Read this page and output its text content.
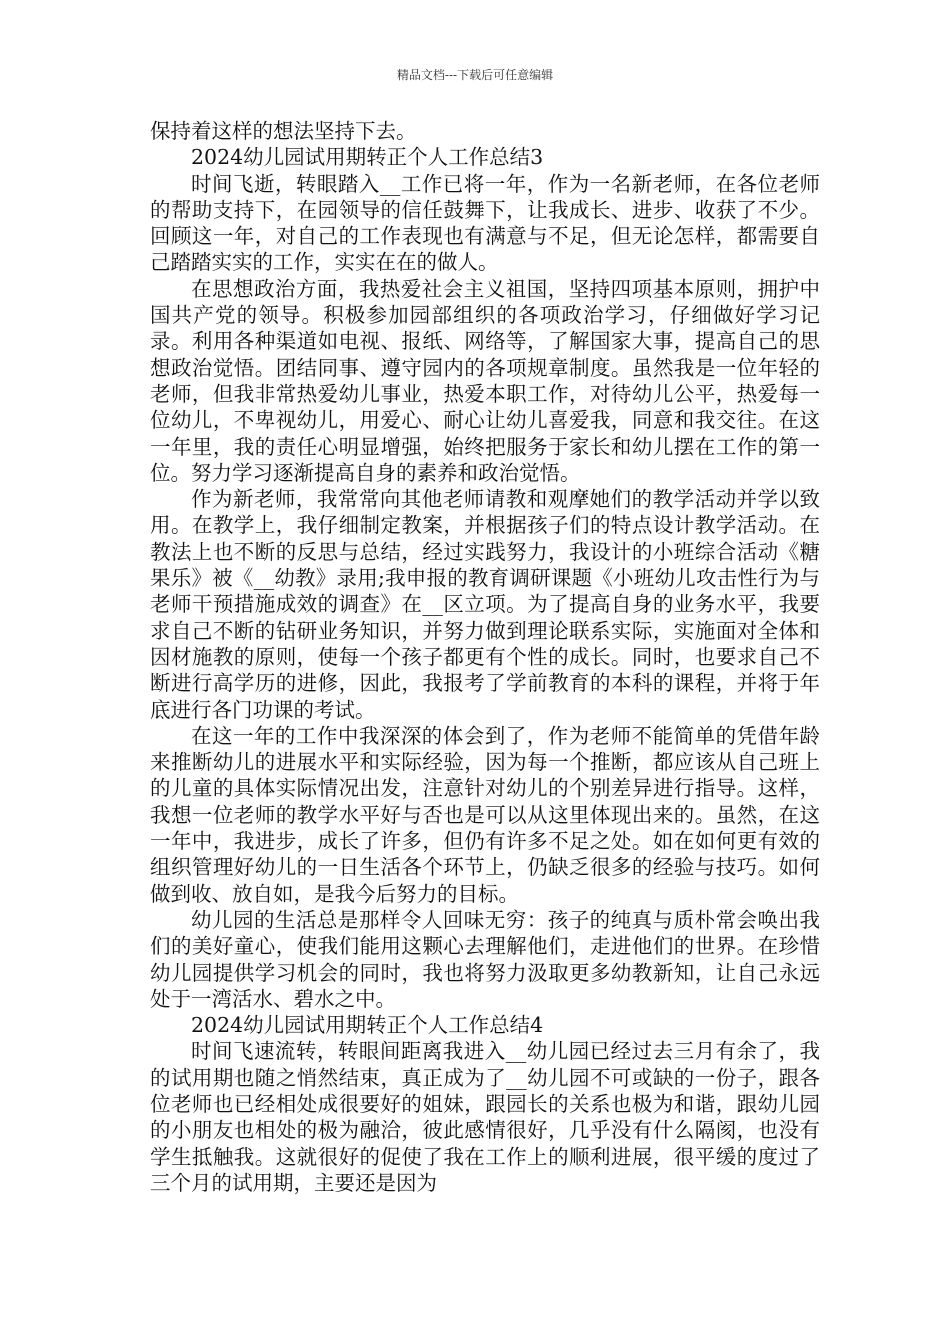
精品文档---下载后可任意编辑

保持着这样的想法坚持下去。

2024幼儿园试用期转正个人工作总结3

时间飞逝，转眼踏入__工作已将一年，作为一名新老师，在各位老师的帮助支持下，在园领导的信任鼓舞下，让我成长、进步、收获了不少。回顾这一年，对自己的工作表现也有满意与不足，但无论怎样，都需要自己踏踏实实的工作，实实在在的做人。

在思想政治方面，我热爱社会主义祖国，坚持四项基本原则，拥护中国共产党的领导。积极参加园部组织的各项政治学习，仔细做好学习记录。利用各种渠道如电视、报纸、网络等，了解国家大事，提高自己的思想政治觉悟。团结同事、遵守园内的各项规章制度。虽然我是一位年轻的老师，但我非常热爱幼儿事业，热爱本职工作，对待幼儿公平，热爱每一位幼儿，不卑视幼儿，用爱心、耐心让幼儿喜爱我，同意和我交往。在这一年里，我的责任心明显增强，始终把服务于家长和幼儿摆在工作的第一位。努力学习逐渐提高自身的素养和政治觉悟。

作为新老师，我常常向其他老师请教和观摩她们的教学活动并学以致用。在教学上，我仔细制定教案，并根据孩子们的特点设计教学活动。在教法上也不断的反思与总结，经过实践努力，我设计的小班综合活动《糖果乐》被《__幼教》录用;我申报的教育调研课题《小班幼儿攻击性行为与老师干预措施成效的调查》在__区立项。为了提高自身的业务水平，我要求自己不断的钻研业务知识，并努力做到理论联系实际，实施面对全体和因材施教的原则，使每一个孩子都更有个性的成长。同时，也要求自己不断进行高学历的进修，因此，我报考了学前教育的本科的课程，并将于年底进行各门功课的考试。

在这一年的工作中我深深的体会到了，作为老师不能简单的凭借年龄来推断幼儿的进展水平和实际经验，因为每一个推断，都应该从自己班上的儿童的具体实际情况出发，注意针对幼儿的个别差异进行指导。这样，我想一位老师的教学水平好与否也是可以从这里体现出来的。虽然，在这一年中，我进步，成长了许多，但仍有许多不足之处。如在如何更有效的组织管理好幼儿的一日生活各个环节上，仍缺乏很多的经验与技巧。如何做到收、放自如，是我今后努力的目标。

幼儿园的生活总是那样令人回味无穷：孩子的纯真与质朴常会唤出我们的美好童心，使我们能用这颗心去理解他们，走进他们的世界。在珍惜幼儿园提供学习机会的同时，我也将努力汲取更多幼教新知，让自己永远处于一湾活水、碧水之中。

2024幼儿园试用期转正个人工作总结4

时间飞速流转，转眼间距离我进入__幼儿园已经过去三月有余了，我的试用期也随之悄然结束，真正成为了__幼儿园不可或缺的一份子，跟各位老师也已经相处成很要好的姐妹，跟园长的关系也极为和谐，跟幼儿园的小朋友也相处的极为融洽，彼此感情很好，几乎没有什么隔阂，也没有学生抵触我。这就很好的促使了我在工作上的顺利进展，很平缓的度过了三个月的试用期，主要还是因为
